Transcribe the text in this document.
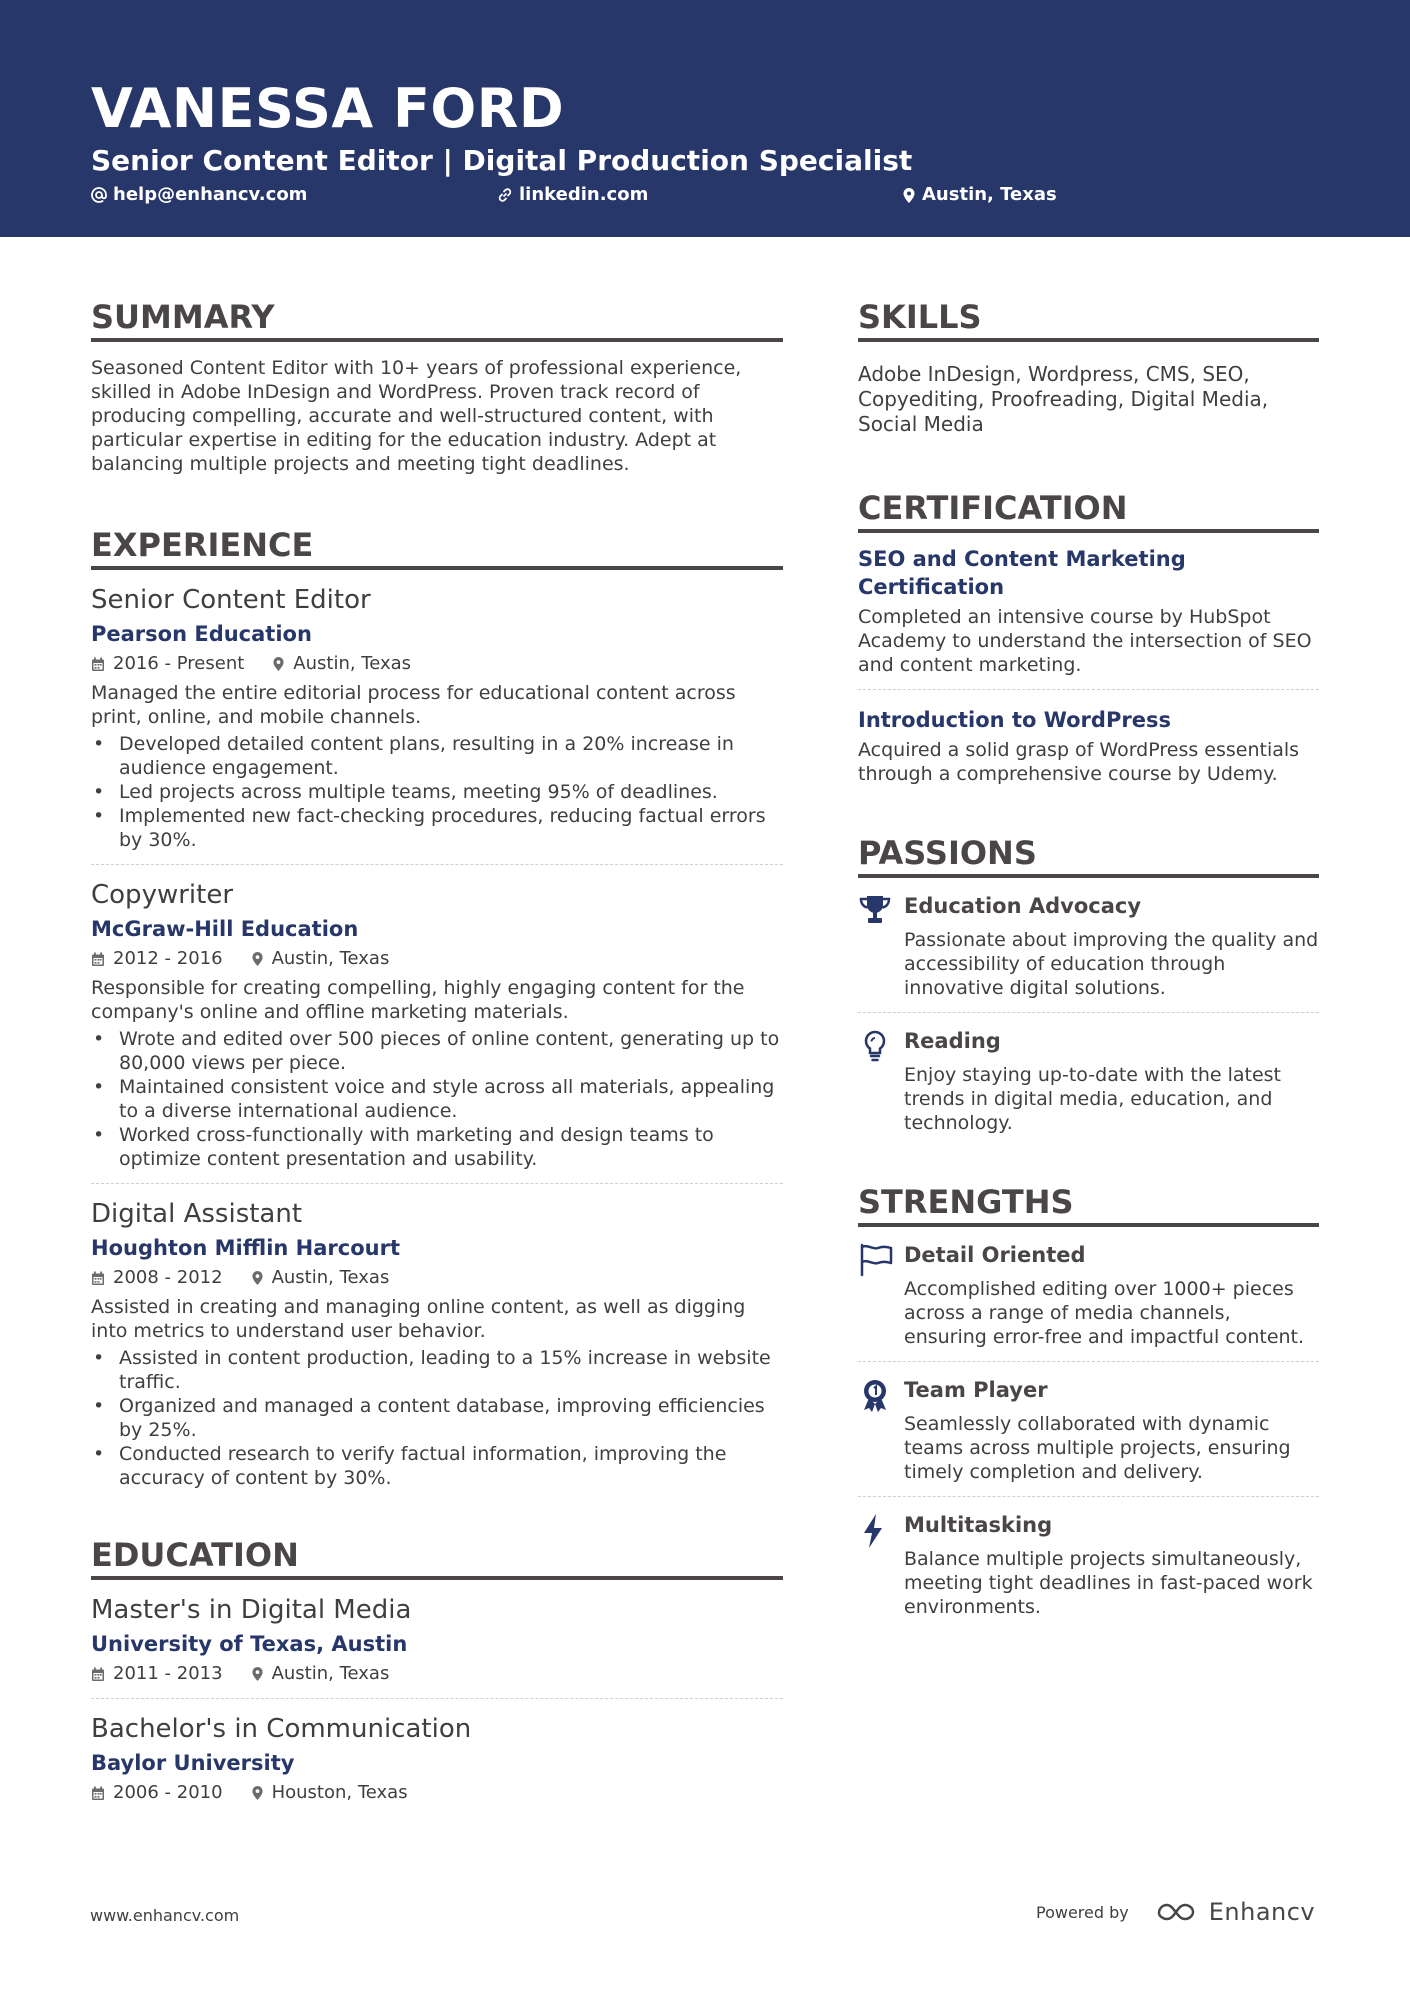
VANESSA FORD
Senior Content Editor | Digital Production Specialist
help@enhancv.com	linkedin.com	Austin, Texas
SUMMARY

Seasoned Content Editor with 10+ years of professional experience, skilled in Adobe InDesign and WordPress. Proven track record of producing compelling, accurate and well-structured content, with particular expertise in editing for the education industry. Adept at balancing multiple projects and meeting tight deadlines.

EXPERIENCE
Senior Content Editor
Pearson Education
2016 - Present	Austin, Texas

Managed the entire editorial process for educational content across print, online, and mobile channels.

• Developed detailed content plans, resulting in a 20% increase in audience engagement.
• Led projects across multiple teams, meeting 95% of deadlines.
• Implemented new fact-checking procedures, reducing factual errors by 30%.
Copywriter
McGraw-Hill Education
2012 - 2016	Austin, Texas

Responsible for creating compelling, highly engaging content for the company's online and offline marketing materials.

• Wrote and edited over 500 pieces of online content, generating up to 80,000 views per piece.
• Maintained consistent voice and style across all materials, appealing to a diverse international audience.
• Worked cross-functionally with marketing and design teams to optimize content presentation and usability.
Digital Assistant
Houghton Mifflin Harcourt
2008 - 2012	Austin, Texas

Assisted in creating and managing online content, as well as digging into metrics to understand user behavior.

• Assisted in content production, leading to a 15% increase in website traffic.
• Organized and managed a content database, improving efficiencies by 25%.
• Conducted research to verify factual information, improving the accuracy of content by 30%.
EDUCATION
Master's in Digital Media
University of Texas, Austin
2011 - 2013	Austin, Texas
Bachelor's in Communication
Baylor University
2006 - 2010	Houston, Texas
SKILLS

Adobe InDesign, Wordpress, CMS, SEO, Copyediting, Proofreading, Digital Media, Social Media

CERTIFICATION
SEO and Content Marketing Certification

Completed an intensive course by HubSpot Academy to understand the intersection of SEO and content marketing.

Introduction to WordPress

Acquired a solid grasp of WordPress essentials through a comprehensive course by Udemy.

PASSIONS
Education Advocacy

Passionate about improving the quality and accessibility of education through innovative digital solutions.

Reading

Enjoy staying up-to-date with the latest trends in digital media, education, and technology.

STRENGTHS
Detail Oriented

Accomplished editing over 1000+ pieces across a range of media channels, ensuring error-free and impactful content.

Team Player

Seamlessly collaborated with dynamic teams across multiple projects, ensuring timely completion and delivery.

Multitasking

Balance multiple projects simultaneously, meeting tight deadlines in fast-paced work environments.

www.enhancv.com	Powered by	Enhancv
